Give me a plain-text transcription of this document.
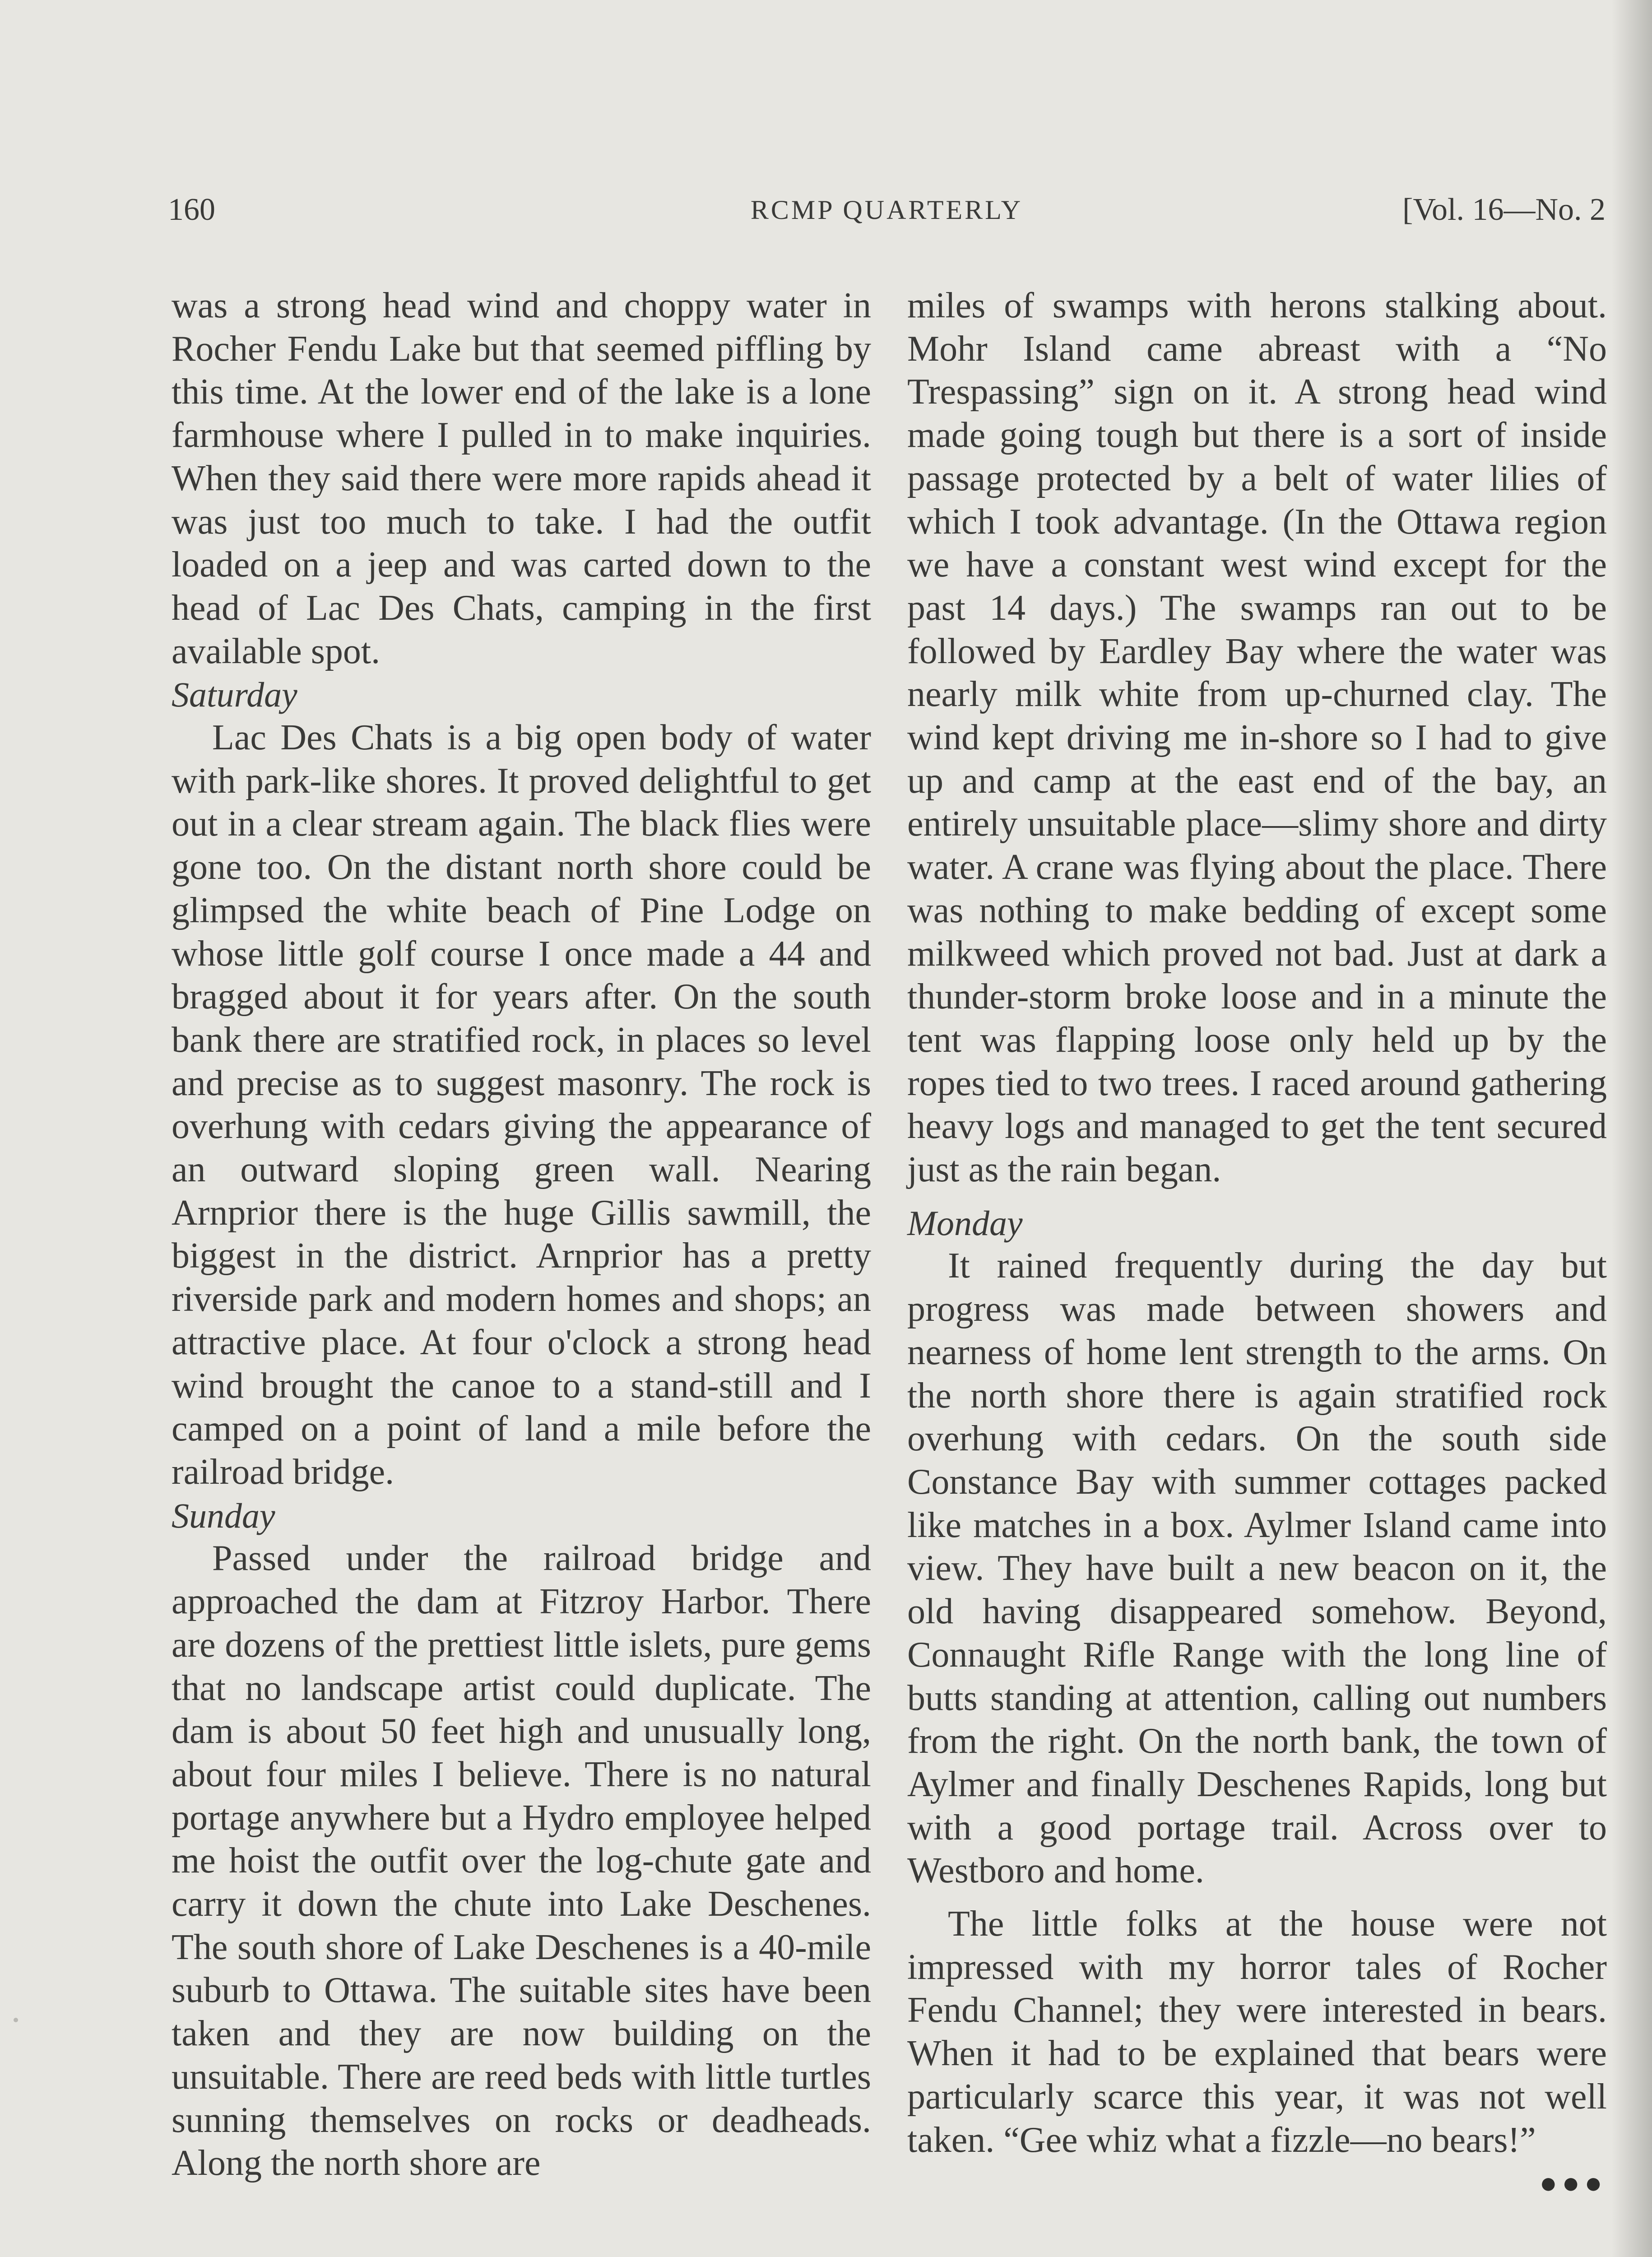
160	RCMP QUARTERLY	[Vol. 16—No. 2

was a strong head wind and choppy water in Rocher Fendu Lake but that seemed piffling by this time. At the lower end of the lake is a lone farmhouse where I pulled in to make inquiries. When they said there were more rapids ahead it was just too much to take. I had the outfit loaded on a jeep and was carted down to the head of Lac Des Chats, camping in the first available spot.

Saturday

Lac Des Chats is a big open body of water with park-like shores. It proved delightful to get out in a clear stream again. The black flies were gone too. On the distant north shore could be glimpsed the white beach of Pine Lodge on whose little golf course I once made a 44 and bragged about it for years after. On the south bank there are stratified rock, in places so level and precise as to suggest masonry. The rock is overhung with cedars giving the appearance of an outward sloping green wall. Nearing Arnprior there is the huge Gillis sawmill, the biggest in the district. Arnprior has a pretty riverside park and modern homes and shops; an attractive place. At four o'clock a strong head wind brought the canoe to a stand-still and I camped on a point of land a mile before the railroad bridge.

Sunday

Passed under the railroad bridge and approached the dam at Fitzroy Harbor. There are dozens of the prettiest little islets, pure gems that no landscape artist could duplicate. The dam is about 50 feet high and unusually long, about four miles I believe. There is no natural portage anywhere but a Hydro employee helped me hoist the outfit over the log-chute gate and carry it down the chute into Lake Deschenes. The south shore of Lake Deschenes is a 40-mile suburb to Ottawa. The suitable sites have been taken and they are now building on the unsuitable. There are reed beds with little turtles sunning themselves on rocks or deadheads. Along the north shore are

miles of swamps with herons stalking about. Mohr Island came abreast with a “No Trespassing” sign on it. A strong head wind made going tough but there is a sort of inside passage protected by a belt of water lilies of which I took advantage. (In the Ottawa region we have a constant west wind except for the past 14 days.) The swamps ran out to be followed by Eardley Bay where the water was nearly milk white from up-churned clay. The wind kept driving me in-shore so I had to give up and camp at the east end of the bay, an entirely unsuitable place—slimy shore and dirty water. A crane was flying about the place. There was nothing to make bedding of except some milkweed which proved not bad. Just at dark a thunder-storm broke loose and in a minute the tent was flapping loose only held up by the ropes tied to two trees. I raced around gathering heavy logs and managed to get the tent secured just as the rain began.

Monday

It rained frequently during the day but progress was made between showers and nearness of home lent strength to the arms. On the north shore there is again stratified rock overhung with cedars. On the south side Constance Bay with summer cottages packed like matches in a box. Aylmer Island came into view. They have built a new beacon on it, the old having disappeared somehow. Beyond, Connaught Rifle Range with the long line of butts standing at attention, calling out numbers from the right. On the north bank, the town of Aylmer and finally Deschenes Rapids, long but with a good portage trail. Across over to Westboro and home.

The little folks at the house were not impressed with my horror tales of Rocher Fendu Channel; they were interested in bears. When it had to be explained that bears were particularly scarce this year, it was not well taken. “Gee whiz what a fizzle—no bears!”

●●●
